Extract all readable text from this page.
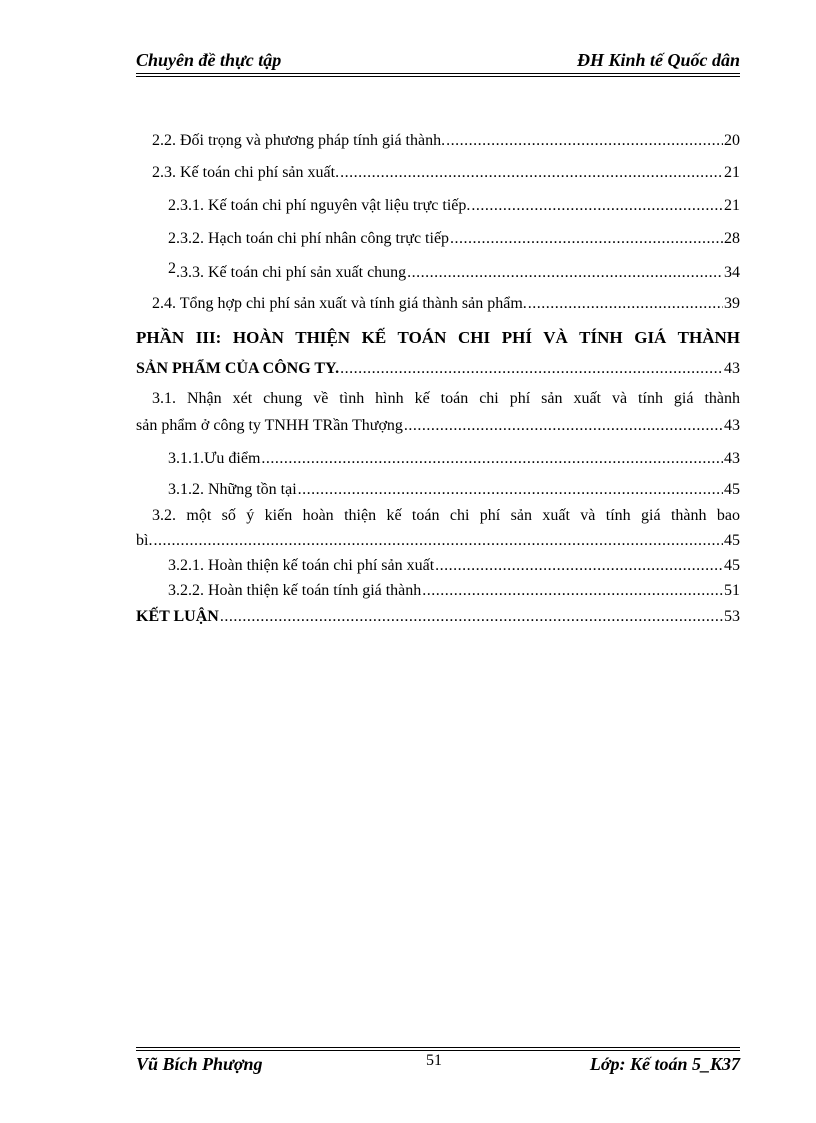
Chuyên đề thực tập	ĐH Kinh tế Quốc dân
2.2. Đối trọng và phương pháp tính giá thành. .....	20
2.3. Kế toán chi phí sản xuất. .....	21
2.3.1. Kế toán chi phí nguyên vật liệu trực tiếp. .....	21
2.3.2. Hạch toán chi phí nhân công trực tiếp .....	28
2.3.3. Kế toán chi phí sản xuất chung .....	34
2.4. Tổng hợp chi phí sản xuất và tính giá thành sản phẩm. .....	39
PHẦN III: HOÀN THIỆN KẾ TOÁN CHI PHÍ VÀ TÍNH GIÁ THÀNH
SẢN PHẨM CỦA CÔNG TY. .....	43
3.1. Nhận xét chung về tình hình kế toán chi phí sản xuất và tính giá thành
sản phẩm ở công ty TNHH TRần Thượng .....	43
3.1.1.Ưu điểm .....	43
3.1.2. Những tồn tại .....	45
3.2. một số ý kiến hoàn thiện kế toán chi phí sản xuất và tính giá thành bao
bì. .....	45
3.2.1. Hoàn thiện kế toán chi phí sản xuất .....	45
3.2.2. Hoàn thiện kế toán tính giá thành .....	51
KẾT LUẬN .....	53
Vũ Bích Phượng	51	Lớp: Kế toán 5_K37
